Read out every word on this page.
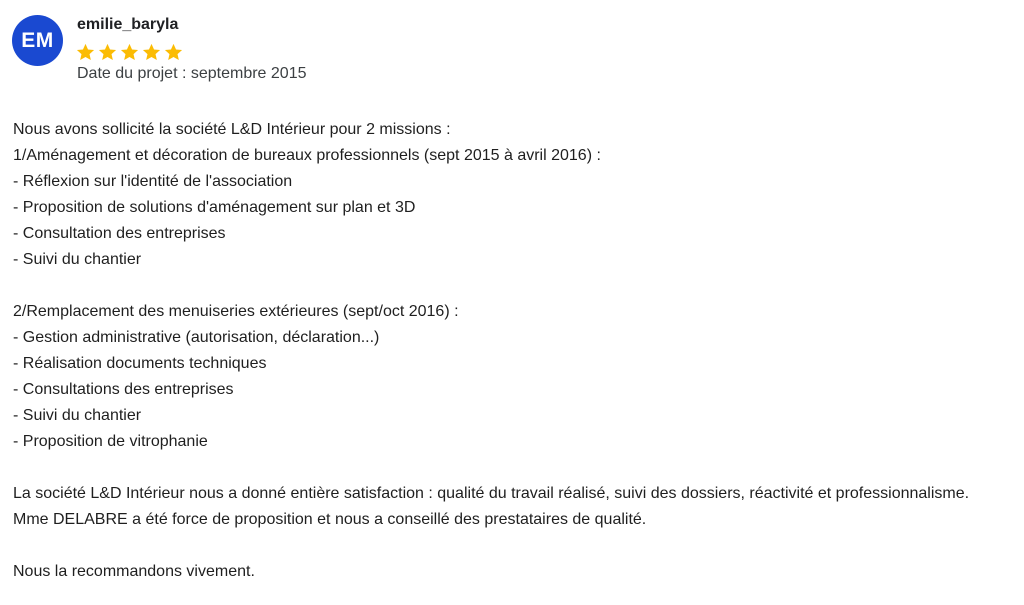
EM
emilie_baryla
Date du projet : septembre 2015
Nous avons sollicité la société L&D Intérieur pour 2 missions :
1/Aménagement et décoration de bureaux professionnels (sept 2015 à avril 2016) :
- Réflexion sur l'identité de l'association
- Proposition de solutions d'aménagement sur plan et 3D
- Consultation des entreprises
- Suivi du chantier
2/Remplacement des menuiseries extérieures (sept/oct 2016) :
- Gestion administrative (autorisation, déclaration...)
- Réalisation documents techniques
- Consultations des entreprises
- Suivi du chantier
- Proposition de vitrophanie
La société L&D Intérieur nous a donné entière satisfaction : qualité du travail réalisé, suivi des dossiers, réactivité et professionnalisme.
Mme DELABRE a été force de proposition et nous a conseillé des prestataires de qualité.
Nous la recommandons vivement.
